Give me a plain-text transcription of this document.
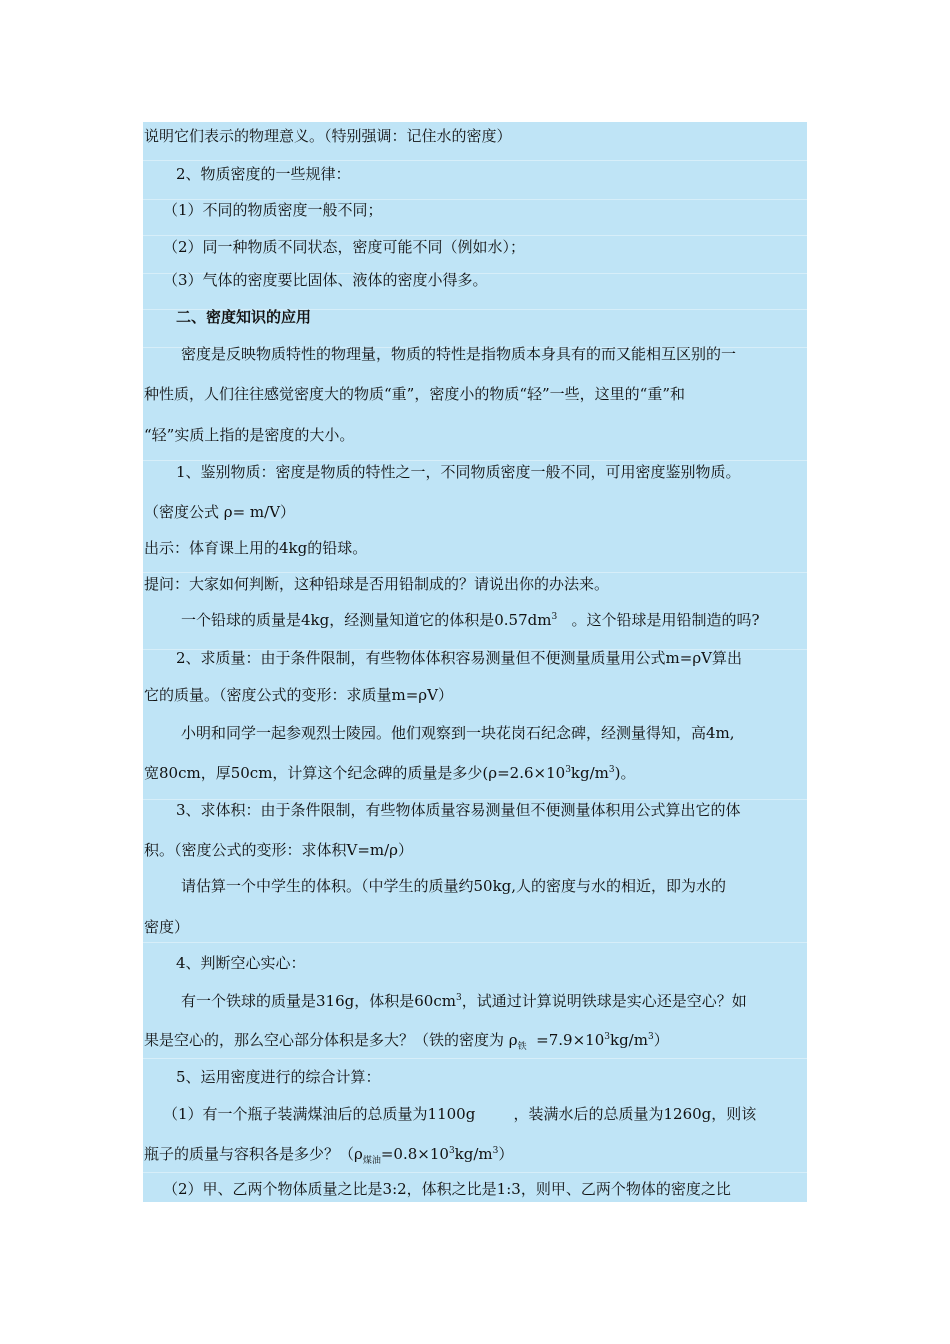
说明它们表示的物理意义。（特别强调：记住水的密度）
2、物质密度的一些规律：
（1）不同的物质密度一般不同；
（2）同一种物质不同状态，密度可能不同（例如水）；
（3）气体的密度要比固体、液体的密度小得多。
二、密度知识的应用
密度是反映物质特性的物理量，物质的特性是指物质本身具有的而又能相互区别的一
种性质，人们往往感觉密度大的物质“重”，密度小的物质“轻”一些，这里的“重”和
“轻”实质上指的是密度的大小。
1、鉴别物质：密度是物质的特性之一，不同物质密度一般不同，可用密度鉴别物质。
（密度公式 ρ= m/V）
出示：体育课上用的4kg的铅球。
提问：大家如何判断，这种铅球是否用铅制成的？请说出你的办法来。
一个铅球的质量是4kg，经测量知道它的体积是$0.57dm^3$ 。这个铅球是用铅制造的吗?
2、求质量：由于条件限制，有些物体体积容易测量但不便测量质量用公式m=ρV算出
它的质量。（密度公式的变形：求质量m=ρV）
小明和同学一起参观烈士陵园。他们观察到一块花岗石纪念碑，经测量得知，高4m,
宽80cm，厚50cm，计算这个纪念碑的质量是多少$(\rho=2.6\times 10^3kg/m^3)$。
3、求体积：由于条件限制，有些物体质量容易测量但不便测量体积用公式算出它的体
积。（密度公式的变形：求体积V=m/ρ）
请估算一个中学生的体积。（中学生的质量约50kg,人的密度与水的相近，即为水的
密度）
4、判断空心实心：
有一个铁球的质量是316g，体积是$60cm^3$，试通过计算说明铁球是实心还是空心？如
果是空心的，那么空心部分体积是多大？（铁的密度为 $\rho_铁 =7.9\times 10^3kg/m^3$）
5、运用密度进行的综合计算：
（1）有一个瓶子装满煤油后的总质量为1100g	，装满水后的总质量为1260g，则该
瓶子的质量与容积各是多少？$(\rho_{煤油}=0.8\times 10^3kg/m^3)$
（2）甲、乙两个物体质量之比是3:2，体积之比是1:3，则甲、乙两个物体的密度之比
